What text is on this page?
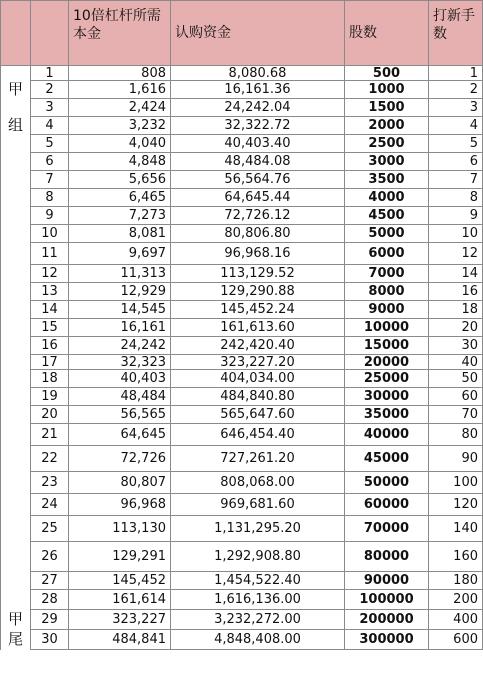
		10倍杠杆所需本金	认购资金	股数	打新手数
	1	808	8,080.68	500	1
甲	2	1,616	16,161.36	1000	2
	3	2,424	24,242.04	1500	3
组	4	3,232	32,322.72	2000	4
	5	4,040	40,403.40	2500	5
	6	4,848	48,484.08	3000	6
	7	5,656	56,564.76	3500	7
	8	6,465	64,645.44	4000	8
	9	7,273	72,726.12	4500	9
	10	8,081	80,806.80	5000	10
	11	9,697	96,968.16	6000	12
	12	11,313	113,129.52	7000	14
	13	12,929	129,290.88	8000	16
	14	14,545	145,452.24	9000	18
	15	16,161	161,613.60	10000	20
	16	24,242	242,420.40	15000	30
	17	32,323	323,227.20	20000	40
	18	40,403	404,034.00	25000	50
	19	48,484	484,840.80	30000	60
	20	56,565	565,647.60	35000	70
	21	64,645	646,454.40	40000	80
	22	72,726	727,261.20	45000	90
	23	80,807	808,068.00	50000	100
	24	96,968	969,681.60	60000	120
	25	113,130	1,131,295.20	70000	140
	26	129,291	1,292,908.80	80000	160
	27	145,452	1,454,522.40	90000	180
	28	161,614	1,616,136.00	100000	200
甲	29	323,227	3,232,272.00	200000	400
尾	30	484,841	4,848,408.00	300000	600
